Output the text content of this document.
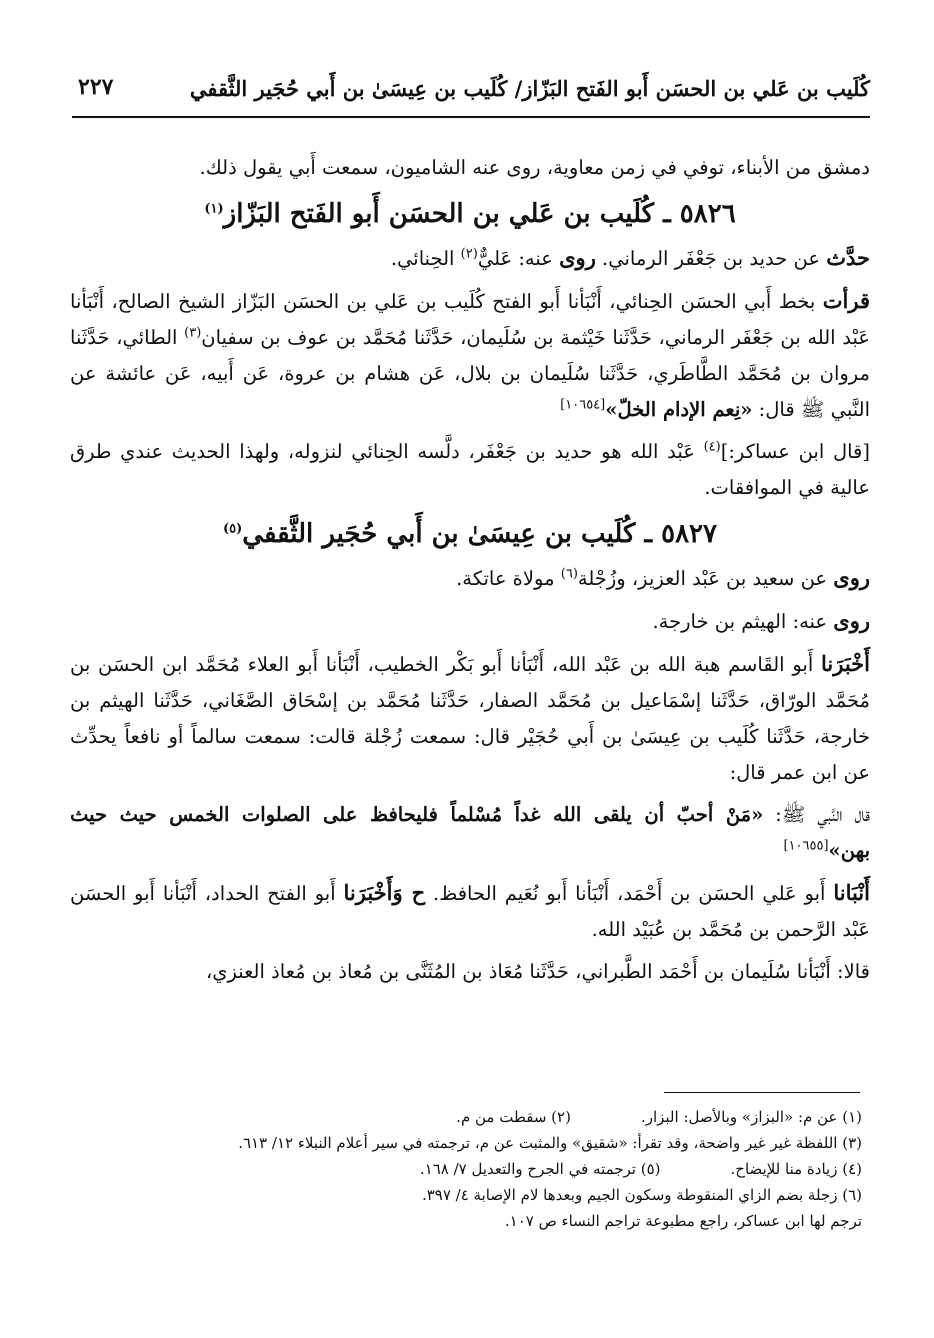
كُلَيب بن عَلي بن الحسَن أَبو الفَتح البَزّاز/ كُلَيب بن عِيسَىٰ بن أَبي حُجَير الثَّقفي
٢٢٧

دمشق من الأبناء، توفي في زمن معاوية، روى عنه الشاميون، سمعت أَبي يقول ذلك.

٥٨٢٦ ـ كُلَيب بن عَلي بن الحسَن أَبو الفَتح البَزّاز$^{(١)}$

حدَّث عن حديد بن جَعْفَر الرماني. روى عنه: عَليٌّ$^{(٢)}$ الحِنائي.

قرأت بخط أَبي الحسَن الحِنائي، أَنْبَأنا أَبو الفتح كُلَيب بن عَلي بن الحسَن البَزّاز الشيخ الصالح، أَنْبَأنا عَبْد الله بن جَعْفَر الرماني، حَدَّثَنا خَيْثمة بن سُلَيمان، حَدَّثَنا مُحَمَّد بن عوف بن سفيان$^{(٣)}$ الطائي، حَدَّثَنا مروان بن مُحَمَّد الطَّاطَري، حَدَّثَنا سُلَيمان بن بلال، عَن هشام بن عروة، عَن أَبيه، عَن عائشة عن النَّبي ﷺ قال: «نِعم الإدام الخلّ»[١٠٦٥٤]

[قال ابن عساكر:]$^{(٤)}$ عَبْد الله هو حديد بن جَعْفَر، دلَّسه الحِنائي لنزوله، ولهذا الحديث عندي طرق عالية في الموافقات.

٥٨٢٧ ـ كُلَيب بن عِيسَىٰ بن أَبي حُجَير الثَّقفي$^{(٥)}$

روى عن سعيد بن عَبْد العزيز، وزُجْلة$^{(٦)}$ مولاة عاتكة.

روى عنه: الهيثم بن خارجة.

أَخْبَرَنا أَبو القَاسم هبة الله بن عَبْد الله، أَنْبَأنا أَبو بَكْر الخطيب، أَنْبَأنا أَبو العلاء مُحَمَّد ابن الحسَن بن مُحَمَّد الورّاق، حَدَّثَنا إسْمَاعيل بن مُحَمَّد الصفار، حَدَّثَنا مُحَمَّد بن إسْحَاق الصَّغَاني، حَدَّثَنا الهيثم بن خارجة، حَدَّثَنا كُلَيب بن عِيسَىٰ بن أَبي حُجَيْر قال: سمعت زُجْلة قالت: سمعت سالماً أو نافعاً يحدِّث عن ابن عمر قال:

قال النَّبي ﷺ: «مَنْ أحبّ أن يلقى الله غداً مُسْلماً فليحافظ على الصلوات الخمس حيث حيث بهن»[١٠٦٥٥]

أَنْبَانا أَبو عَلي الحسَن بن أَحْمَد، أَنْبَأنا أَبو نُعَيم الحافظ. ح وَأَخْبَرَنا أَبو الفتح الحداد، أَنْبَأنا أَبو الحسَن عَبْد الرَّحمن بن مُحَمَّد بن عُبَيْد الله.

قالا: أَنْبَأنا سُلَيمان بن أَحْمَد الطَّبراني، حَدَّثَنا مُعَاذ بن المُثَنَّى بن مُعاذ بن مُعاذ العنزي،

(١) عن م: «البزاز» وبالأصل: البزار.
(٢) سقطت من م.
(٣) اللفظة غير غير واضحة، وقد تقرأ: «شقيق» والمثبت عن م، ترجمته في سير أعلام النبلاء ١٢/ ٦١٣.
(٤) زيادة منا للإيضاح.
(٥) ترجمته في الجرح والتعديل ٧/ ١٦٨.
(٦) زجلة بضم الزاي المنقوطة وسكون الجيم وبعدها لام الإصابة ٤/ ٣٩٧.
ترجم لها ابن عساكر، راجع مطبوعة تراجم النساء ص ١٠٧.
